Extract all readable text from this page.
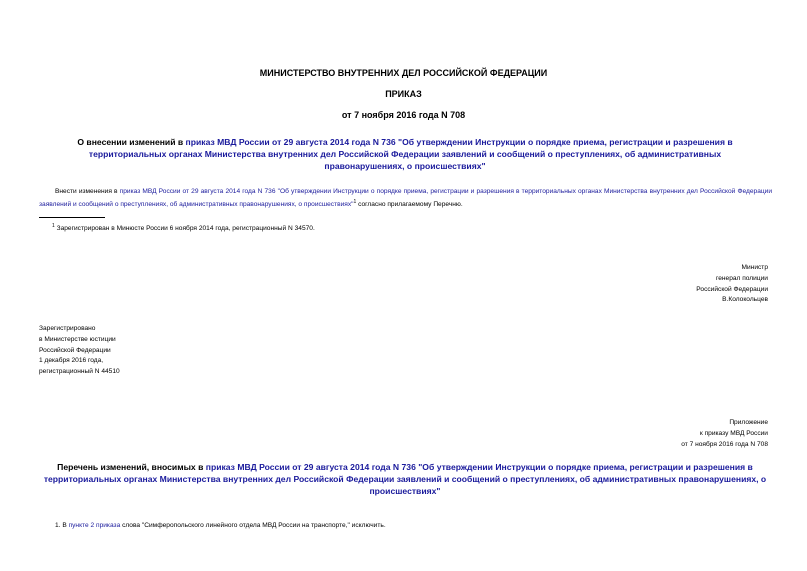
МИНИСТЕРСТВО ВНУТРЕННИХ ДЕЛ РОССИЙСКОЙ ФЕДЕРАЦИИ
ПРИКАЗ
от 7 ноября 2016 года N 708
О внесении изменений в приказ МВД России от 29 августа 2014 года N 736 "Об утверждении Инструкции о порядке приема, регистрации и разрешения в территориальных органах Министерства внутренних дел Российской Федерации заявлений и сообщений о преступлениях, об административных правонарушениях, о происшествиях"
Внести изменения в приказ МВД России от 29 августа 2014 года N 736 "Об утверждении Инструкции о порядке приема, регистрации и разрешения в территориальных органах Министерства внутренних дел Российской Федерации заявлений и сообщений о преступлениях, об административных правонарушениях, о происшествиях"$^1$ согласно прилагаемому Перечню.
$^1$ Зарегистрирован в Минюсте России 6 ноября 2014 года, регистрационный N 34570.
Министр
генерал полиции
Российской Федерации
В.Колокольцев
Зарегистрировано
в Министерстве юстиции
Российской Федерации
1 декабря 2016 года,
регистрационный N 44510
Приложение
к приказу МВД России
от 7 ноября 2016 года N 708
Перечень изменений, вносимых в приказ МВД России от 29 августа 2014 года N 736 "Об утверждении Инструкции о порядке приема, регистрации и разрешения в территориальных органах Министерства внутренних дел Российской Федерации заявлений и сообщений о преступлениях, об административных правонарушениях, о происшествиях"
1. В пункте 2 приказа слова "Симферопольского линейного отдела МВД России на транспорте," исключить.
